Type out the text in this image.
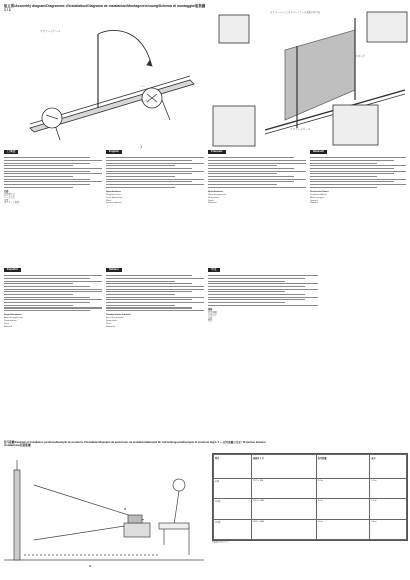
組立図/Assembly diagram/Diagramme d'installation/Diagrama de instalación/Montagezeichnung/Schema di montaggio/組裝圖
1 / 2
1
スクリーンケース
バー
フック
スクリーンバーとスクリーンケースを取り付ける
スタンド
スクリーンケース
日本語
仕様
投影面寸法
ケース寸法
質量
スクリーン素材
English
Specifications
Projection area
Case dimensions
Mass
Screen material
Français
Spécifications
Zone de projection
Dimensions
Poids
Matériau
Deutsch
Technische Daten
Projektionsfläche
Abmessungen
Gewicht
Material
Español
Especificaciones
Área de proyección
Dimensiones
Peso
Material
Italiano
Caratteristiche tecniche
Area di proiezione
Dimensioni
Peso
Materiale
中文
規格
投影面積
外殼尺寸
質量
材質
投写距離/Example of installation positions/Exemple de positions d'installation/Ejemplo de posiciones de instalación/Beispiel für Aufstellungsorte/Esempio di posizioni di installazione/投影距離
a
d
表1 / 1 — 投写距離の目安 / Projection distance
型名	画面サイズ	投写距離	高さ
80型	1771 × 996	2.4 m	1.2 m
100型	2214 × 1245	3.0 m	1.5 m
120型	2657 × 1494	3.6 m	1.8 m
※数値は目安です。
